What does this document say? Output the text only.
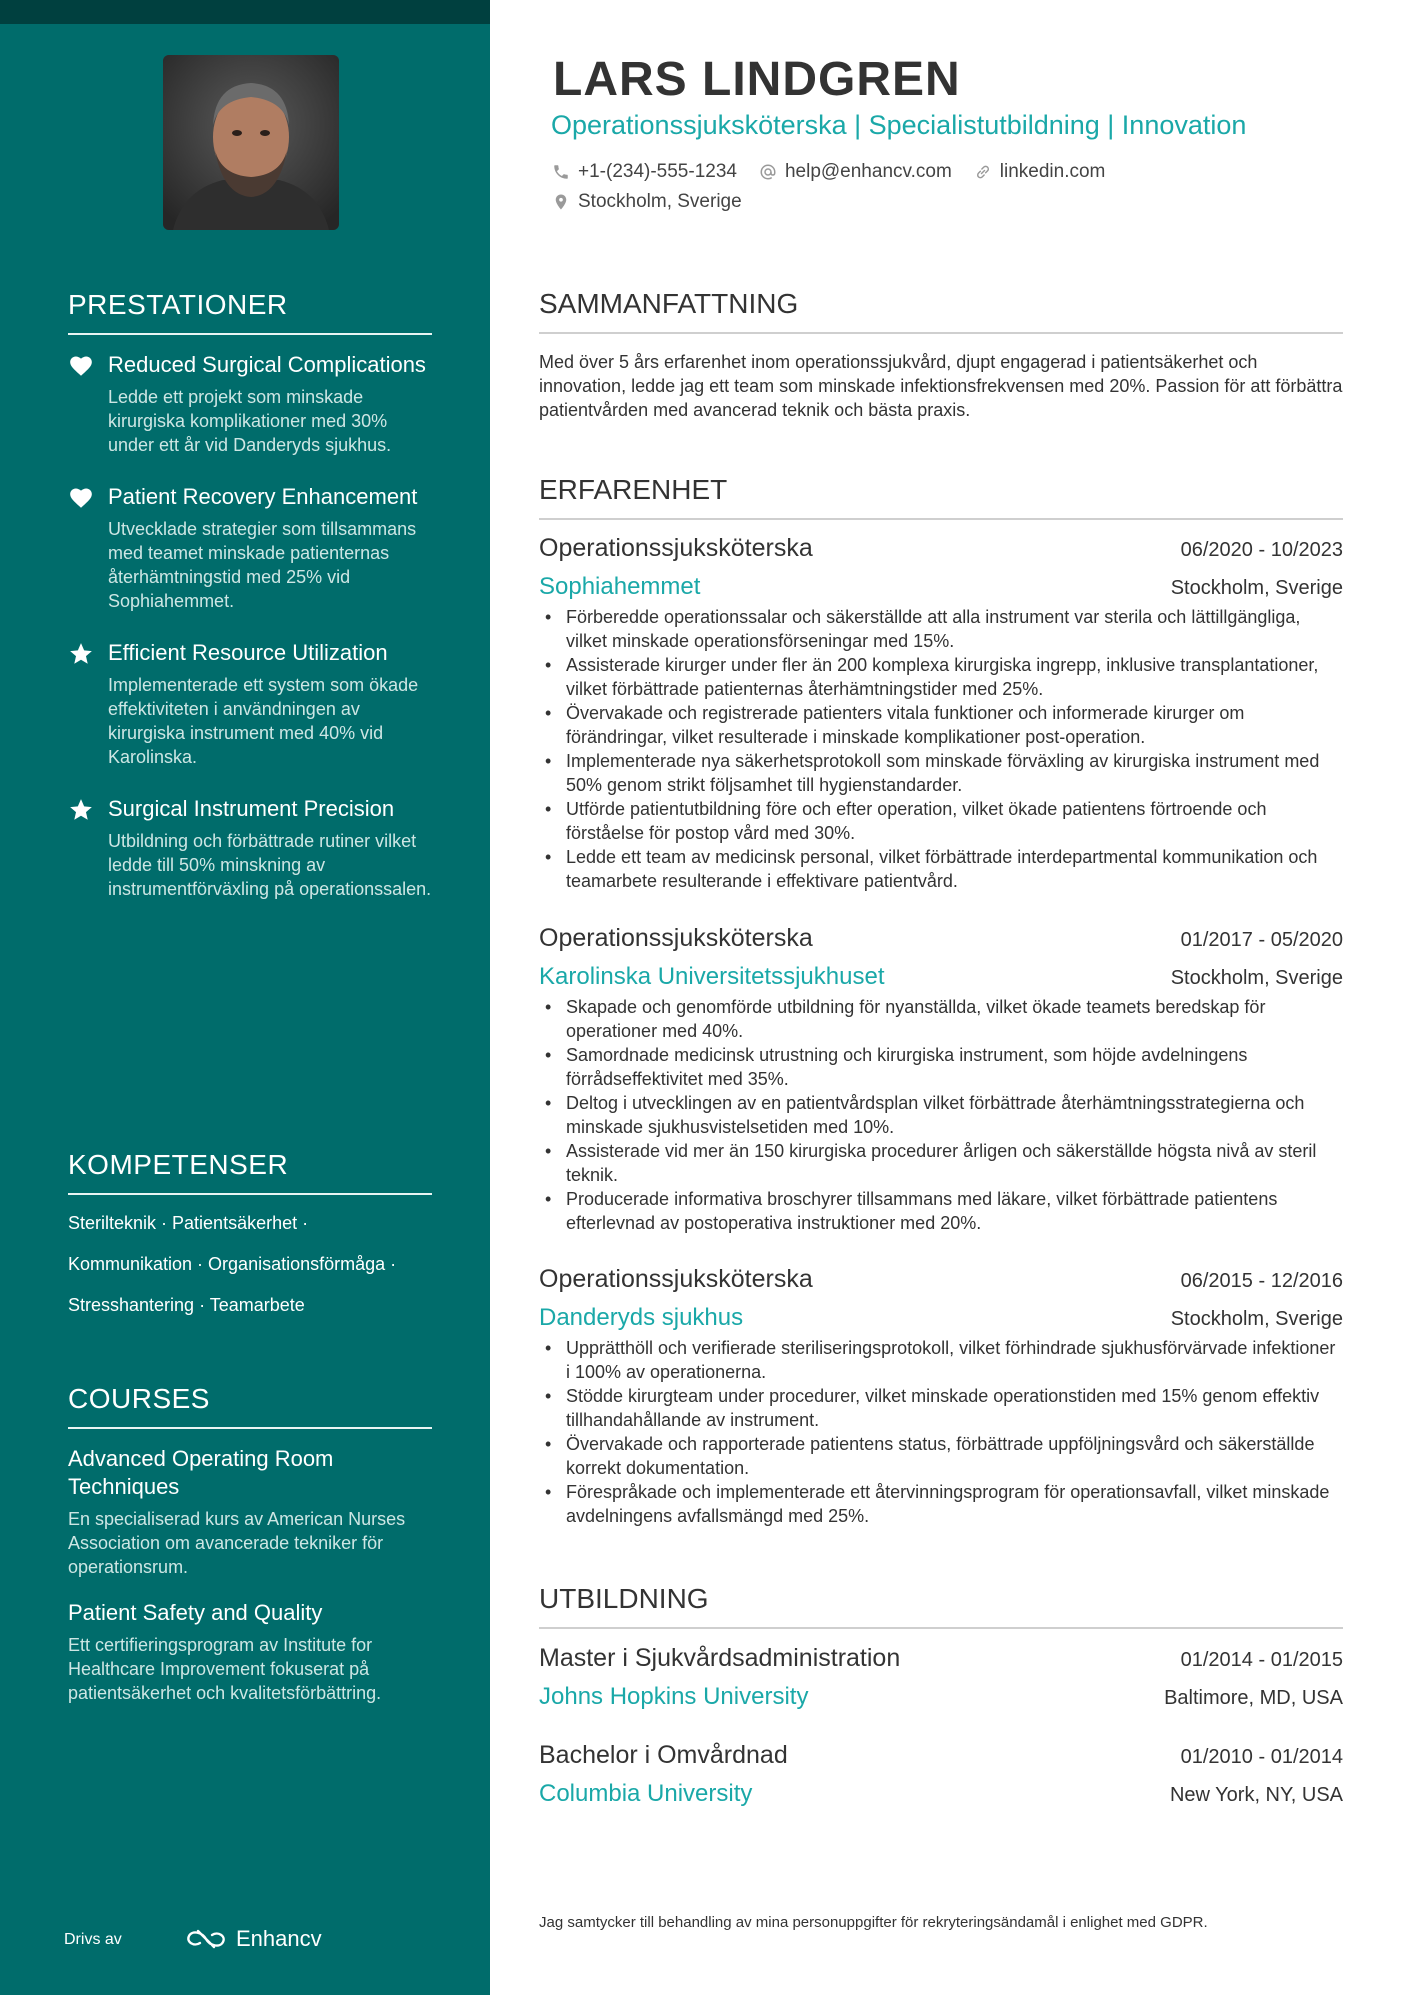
PRESTATIONER
Reduced Surgical Complications
Ledde ett projekt som minskade kirurgiska komplikationer med 30% under ett år vid Danderyds sjukhus.
Patient Recovery Enhancement
Utvecklade strategier som tillsammans med teamet minskade patienternas återhämtningstid med 25% vid Sophiahemmet.
Efficient Resource Utilization
Implementerade ett system som ökade effektiviteten i användningen av kirurgiska instrument med 40% vid Karolinska.
Surgical Instrument Precision
Utbildning och förbättrade rutiner vilket ledde till 50% minskning av instrumentförväxling på operationssalen.
KOMPETENSER
Sterilteknik · Patientsäkerhet ·
Kommunikation · Organisationsförmåga ·
Stresshantering · Teamarbete
COURSES
Advanced Operating Room Techniques
En specialiserad kurs av American Nurses Association om avancerade tekniker för operationsrum.
Patient Safety and Quality
Ett certifieringsprogram av Institute for Healthcare Improvement fokuserat på patientsäkerhet och kvalitetsförbättring.
Drivs av	Enhancv
LARS LINDGREN
Operationssjuksköterska | Specialistutbildning | Innovation
+1-(234)-555-1234	help@enhancv.com	linkedin.com
Stockholm, Sverige
SAMMANFATTNING
Med över 5 års erfarenhet inom operationssjukvård, djupt engagerad i patientsäkerhet och innovation, ledde jag ett team som minskade infektionsfrekvensen med 20%. Passion för att förbättra patientvården med avancerad teknik och bästa praxis.
ERFARENHET
Operationssjuksköterska	06/2020 - 10/2023
Sophiahemmet	Stockholm, Sverige
• Förberedde operationssalar och säkerställde att alla instrument var sterila och lättillgängliga, vilket minskade operationsförseningar med 15%.
• Assisterade kirurger under fler än 200 komplexa kirurgiska ingrepp, inklusive transplantationer, vilket förbättrade patienternas återhämtningstider med 25%.
• Övervakade och registrerade patienters vitala funktioner och informerade kirurger om förändringar, vilket resulterade i minskade komplikationer post-operation.
• Implementerade nya säkerhetsprotokoll som minskade förväxling av kirurgiska instrument med 50% genom strikt följsamhet till hygienstandarder.
• Utförde patientutbildning före och efter operation, vilket ökade patientens förtroende och förståelse för postop vård med 30%.
• Ledde ett team av medicinsk personal, vilket förbättrade interdepartmental kommunikation och teamarbete resulterande i effektivare patientvård.
Operationssjuksköterska	01/2017 - 05/2020
Karolinska Universitetssjukhuset	Stockholm, Sverige
• Skapade och genomförde utbildning för nyanställda, vilket ökade teamets beredskap för operationer med 40%.
• Samordnade medicinsk utrustning och kirurgiska instrument, som höjde avdelningens förrådseffektivitet med 35%.
• Deltog i utvecklingen av en patientvårdsplan vilket förbättrade återhämtningsstrategierna och minskade sjukhusvistelsetiden med 10%.
• Assisterade vid mer än 150 kirurgiska procedurer årligen och säkerställde högsta nivå av steril teknik.
• Producerade informativa broschyrer tillsammans med läkare, vilket förbättrade patientens efterlevnad av postoperativa instruktioner med 20%.
Operationssjuksköterska	06/2015 - 12/2016
Danderyds sjukhus	Stockholm, Sverige
• Upprätthöll och verifierade steriliseringsprotokoll, vilket förhindrade sjukhusförvärvade infektioner i 100% av operationerna.
• Stödde kirurgteam under procedurer, vilket minskade operationstiden med 15% genom effektiv tillhandahållande av instrument.
• Övervakade och rapporterade patientens status, förbättrade uppföljningsvård och säkerställde korrekt dokumentation.
• Förespråkade och implementerade ett återvinningsprogram för operationsavfall, vilket minskade avdelningens avfallsmängd med 25%.
UTBILDNING
Master i Sjukvårdsadministration	01/2014 - 01/2015
Johns Hopkins University	Baltimore, MD, USA
Bachelor i Omvårdnad	01/2010 - 01/2014
Columbia University	New York, NY, USA
Jag samtycker till behandling av mina personuppgifter för rekryteringsändamål i enlighet med GDPR.
